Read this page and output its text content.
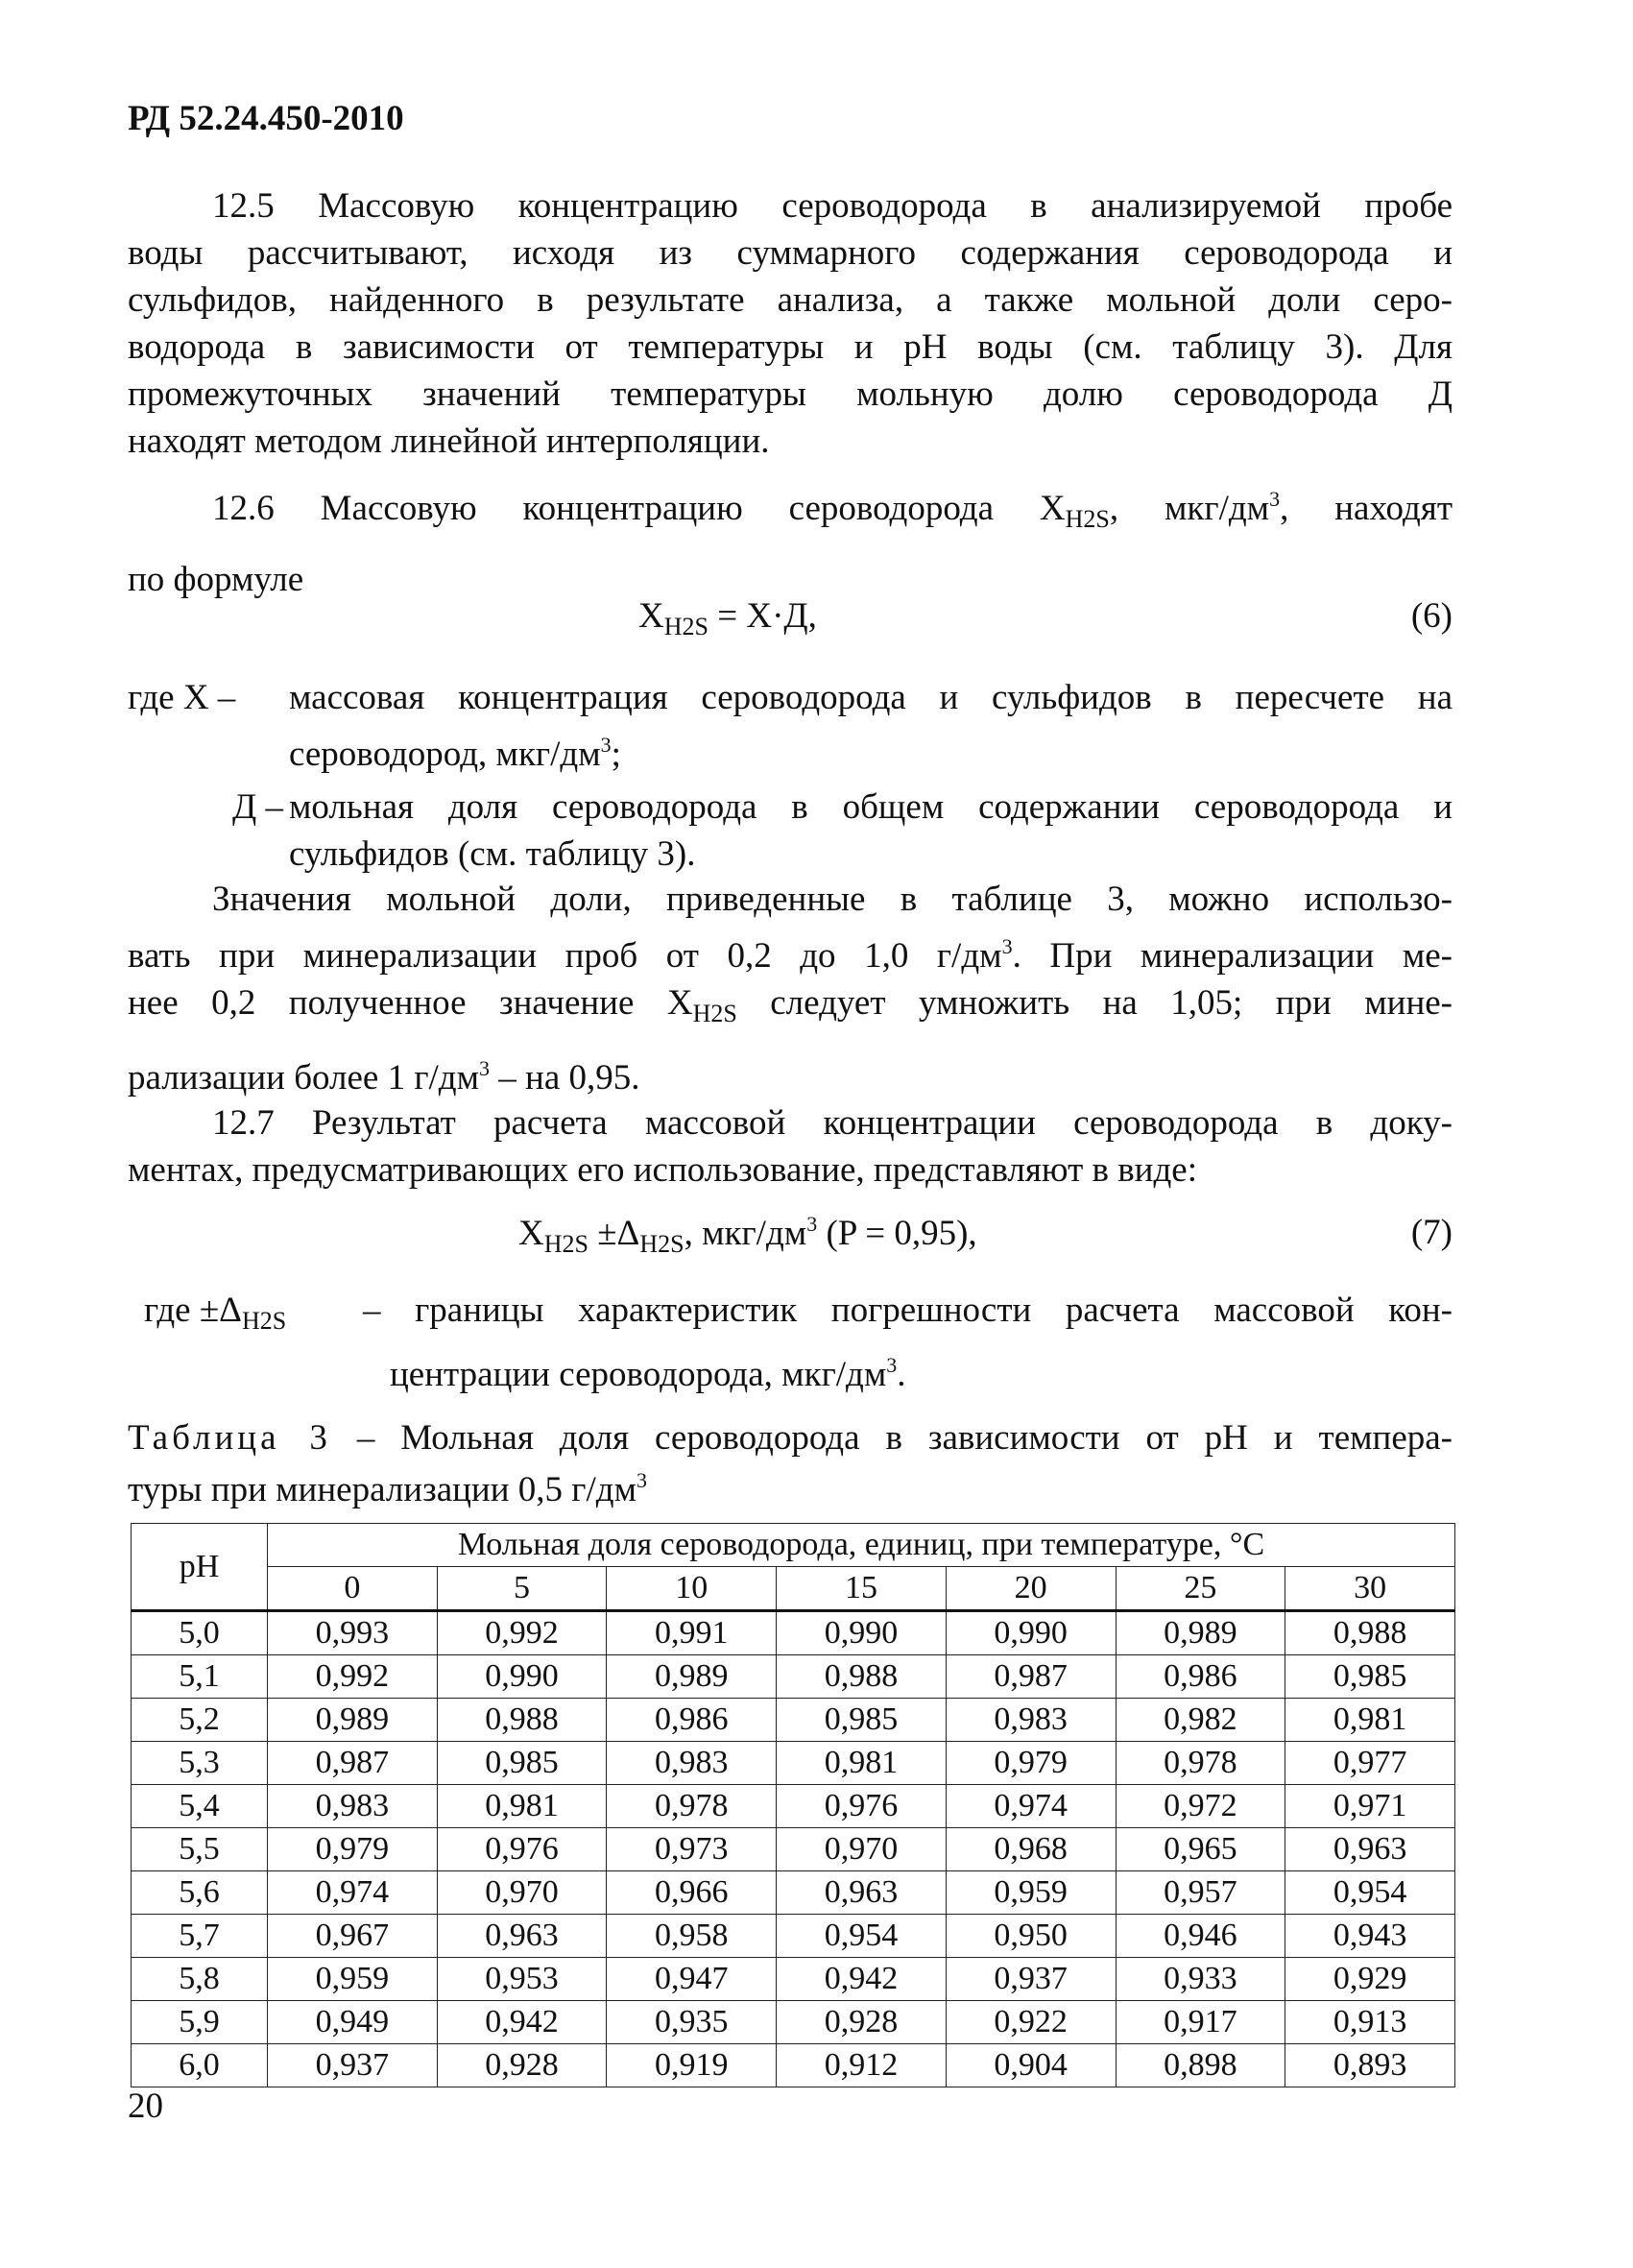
РД 52.24.450-2010
12.5 Массовую концентрацию сероводорода в анализируемой пробе
воды рассчитывают, исходя из суммарного содержания сероводорода и
сульфидов, найденного в результате анализа, а также мольной доли серо-
водорода в зависимости от температуры и pH воды (см. таблицу 3). Для
промежуточных значений температуры мольную долю сероводорода Д
находят методом линейной интерполяции.
12.6 Массовую концентрацию сероводорода $X_{H2S}$, мкг/$дм^3$, находят
по формуле
$X_{H2S} = X\cdot Д$,	(6)
где Х –	массовая концентрация сероводорода и сульфидов в пересчете на
сероводород, мкг/$дм^3$;
Д – мольная доля сероводорода в общем содержании сероводорода и
сульфидов (см. таблицу 3).
Значения мольной доли, приведенные в таблице 3, можно использо-
вать при минерализации проб от 0,2 до 1,0 $г/дм^3$. При минерализации ме-
нее 0,2 полученное значение $X_{H2S}$ следует умножить на 1,05; при мине-
рализации более 1 $г/дм^3$ – на 0,95.
12.7 Результат расчета массовой концентрации сероводорода в доку-
ментах, предусматривающих его использование, представляют в виде:
$X_{H2S} \pm\Delta_{H2S}$, мкг/$дм^3$ (P = 0,95),	(7)
где $\pm\Delta_{H2S}$	– границы характеристик погрешности расчета массовой кон-
центрации сероводорода, мкг/$дм^3$.
Таблица 3 – Мольная доля сероводорода в зависимости от pH и темпера-
туры при минерализации 0,5 $г/дм^3$
pH	Мольная доля сероводорода, единиц, при температуре, °C						
	0	5	10	15	20	25	30
5,0	0,993	0,992	0,991	0,990	0,990	0,989	0,988
5,1	0,992	0,990	0,989	0,988	0,987	0,986	0,985
5,2	0,989	0,988	0,986	0,985	0,983	0,982	0,981
5,3	0,987	0,985	0,983	0,981	0,979	0,978	0,977
5,4	0,983	0,981	0,978	0,976	0,974	0,972	0,971
5,5	0,979	0,976	0,973	0,970	0,968	0,965	0,963
5,6	0,974	0,970	0,966	0,963	0,959	0,957	0,954
5,7	0,967	0,963	0,958	0,954	0,950	0,946	0,943
5,8	0,959	0,953	0,947	0,942	0,937	0,933	0,929
5,9	0,949	0,942	0,935	0,928	0,922	0,917	0,913
6,0	0,937	0,928	0,919	0,912	0,904	0,898	0,893
20
